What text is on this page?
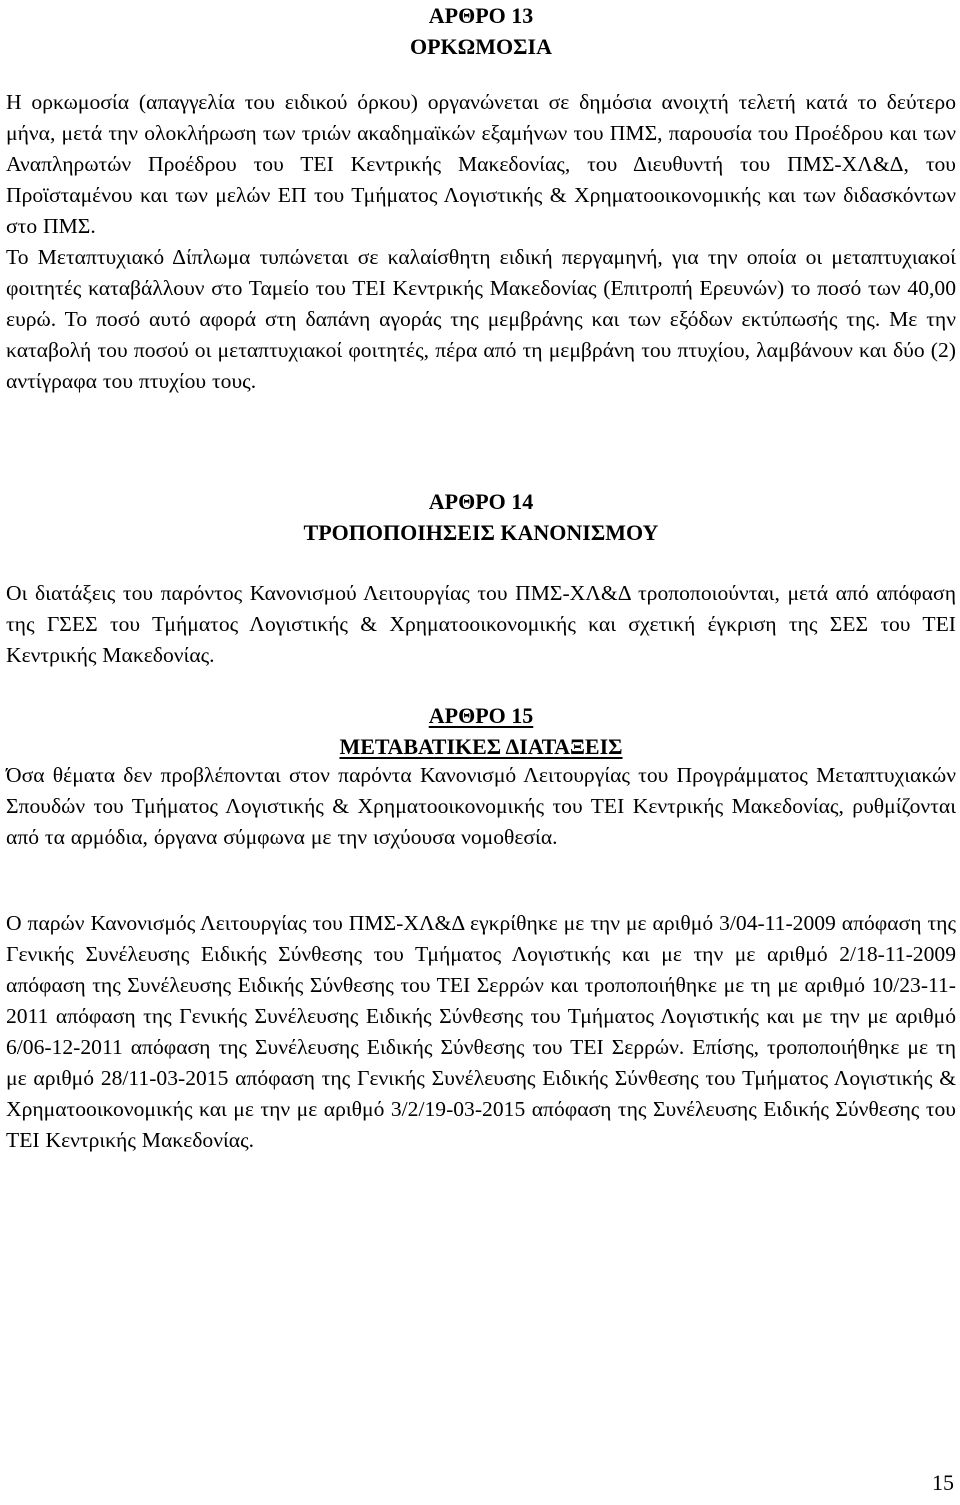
ΑΡΘΡΟ 13

ΟΡΚΩΜΟΣΙΑ

Η ορκωμοσία (απαγγελία του ειδικού όρκου) οργανώνεται σε δημόσια ανοιχτή τελετή κατά το δεύτερο μήνα, μετά την ολοκλήρωση των τριών ακαδημαϊκών εξαμήνων του ΠΜΣ, παρουσία του Προέδρου και των Αναπληρωτών Προέδρου του ΤΕΙ Κεντρικής Μακεδονίας, του Διευθυντή του ΠΜΣ-ΧΛ&Δ, του Προϊσταμένου και των μελών ΕΠ του Τμήματος Λογιστικής & Χρηματοοικονομικής και των διδασκόντων στο ΠΜΣ.

Το Μεταπτυχιακό Δίπλωμα τυπώνεται σε καλαίσθητη ειδική περγαμηνή, για την οποία οι μεταπτυχιακοί φοιτητές καταβάλλουν στο Ταμείο του ΤΕΙ Κεντρικής Μακεδονίας (Επιτροπή Ερευνών) το ποσό των 40,00 ευρώ. Το ποσό αυτό αφορά στη δαπάνη αγοράς της μεμβράνης και των εξόδων εκτύπωσής της. Με την καταβολή του ποσού οι μεταπτυχιακοί φοιτητές, πέρα από τη μεμβράνη του πτυχίου, λαμβάνουν και δύο (2) αντίγραφα του πτυχίου τους.

ΑΡΘΡΟ 14

ΤΡΟΠΟΠΟΙΗΣΕΙΣ ΚΑΝΟΝΙΣΜΟΥ

Οι διατάξεις του παρόντος Κανονισμού Λειτουργίας του ΠΜΣ-ΧΛ&Δ τροποποιούνται, μετά από απόφαση της ΓΣΕΣ του Τμήματος Λογιστικής & Χρηματοοικονομικής και σχετική έγκριση της ΣΕΣ του ΤΕΙ Κεντρικής Μακεδονίας.

ΑΡΘΡΟ 15

ΜΕΤΑΒΑΤΙΚΕΣ ΔΙΑΤΑΞΕΙΣ

Όσα θέματα δεν προβλέπονται στον παρόντα Κανονισμό Λειτουργίας του Προγράμματος Μεταπτυχιακών Σπουδών του Τμήματος Λογιστικής & Χρηματοοικονομικής του ΤΕΙ Κεντρικής Μακεδονίας, ρυθμίζονται από τα αρμόδια, όργανα σύμφωνα με την ισχύουσα νομοθεσία.

Ο παρών Κανονισμός Λειτουργίας του ΠΜΣ-ΧΛ&Δ εγκρίθηκε με την με αριθμό 3/04-11-2009 απόφαση της Γενικής Συνέλευσης Ειδικής Σύνθεσης του Τμήματος Λογιστικής και με την με αριθμό 2/18-11-2009 απόφαση της Συνέλευσης Ειδικής Σύνθεσης του ΤΕΙ Σερρών και τροποποιήθηκε με τη με αριθμό 10/23-11-2011 απόφαση της Γενικής Συνέλευσης Ειδικής Σύνθεσης του Τμήματος Λογιστικής και με την με αριθμό 6/06-12-2011 απόφαση της Συνέλευσης Ειδικής Σύνθεσης του ΤΕΙ Σερρών. Επίσης, τροποποιήθηκε με τη με αριθμό 28/11-03-2015 απόφαση της Γενικής Συνέλευσης Ειδικής Σύνθεσης του Τμήματος Λογιστικής & Χρηματοοικονομικής και με την με αριθμό 3/2/19-03-2015 απόφαση της Συνέλευσης Ειδικής Σύνθεσης του ΤΕΙ Κεντρικής Μακεδονίας.

15
